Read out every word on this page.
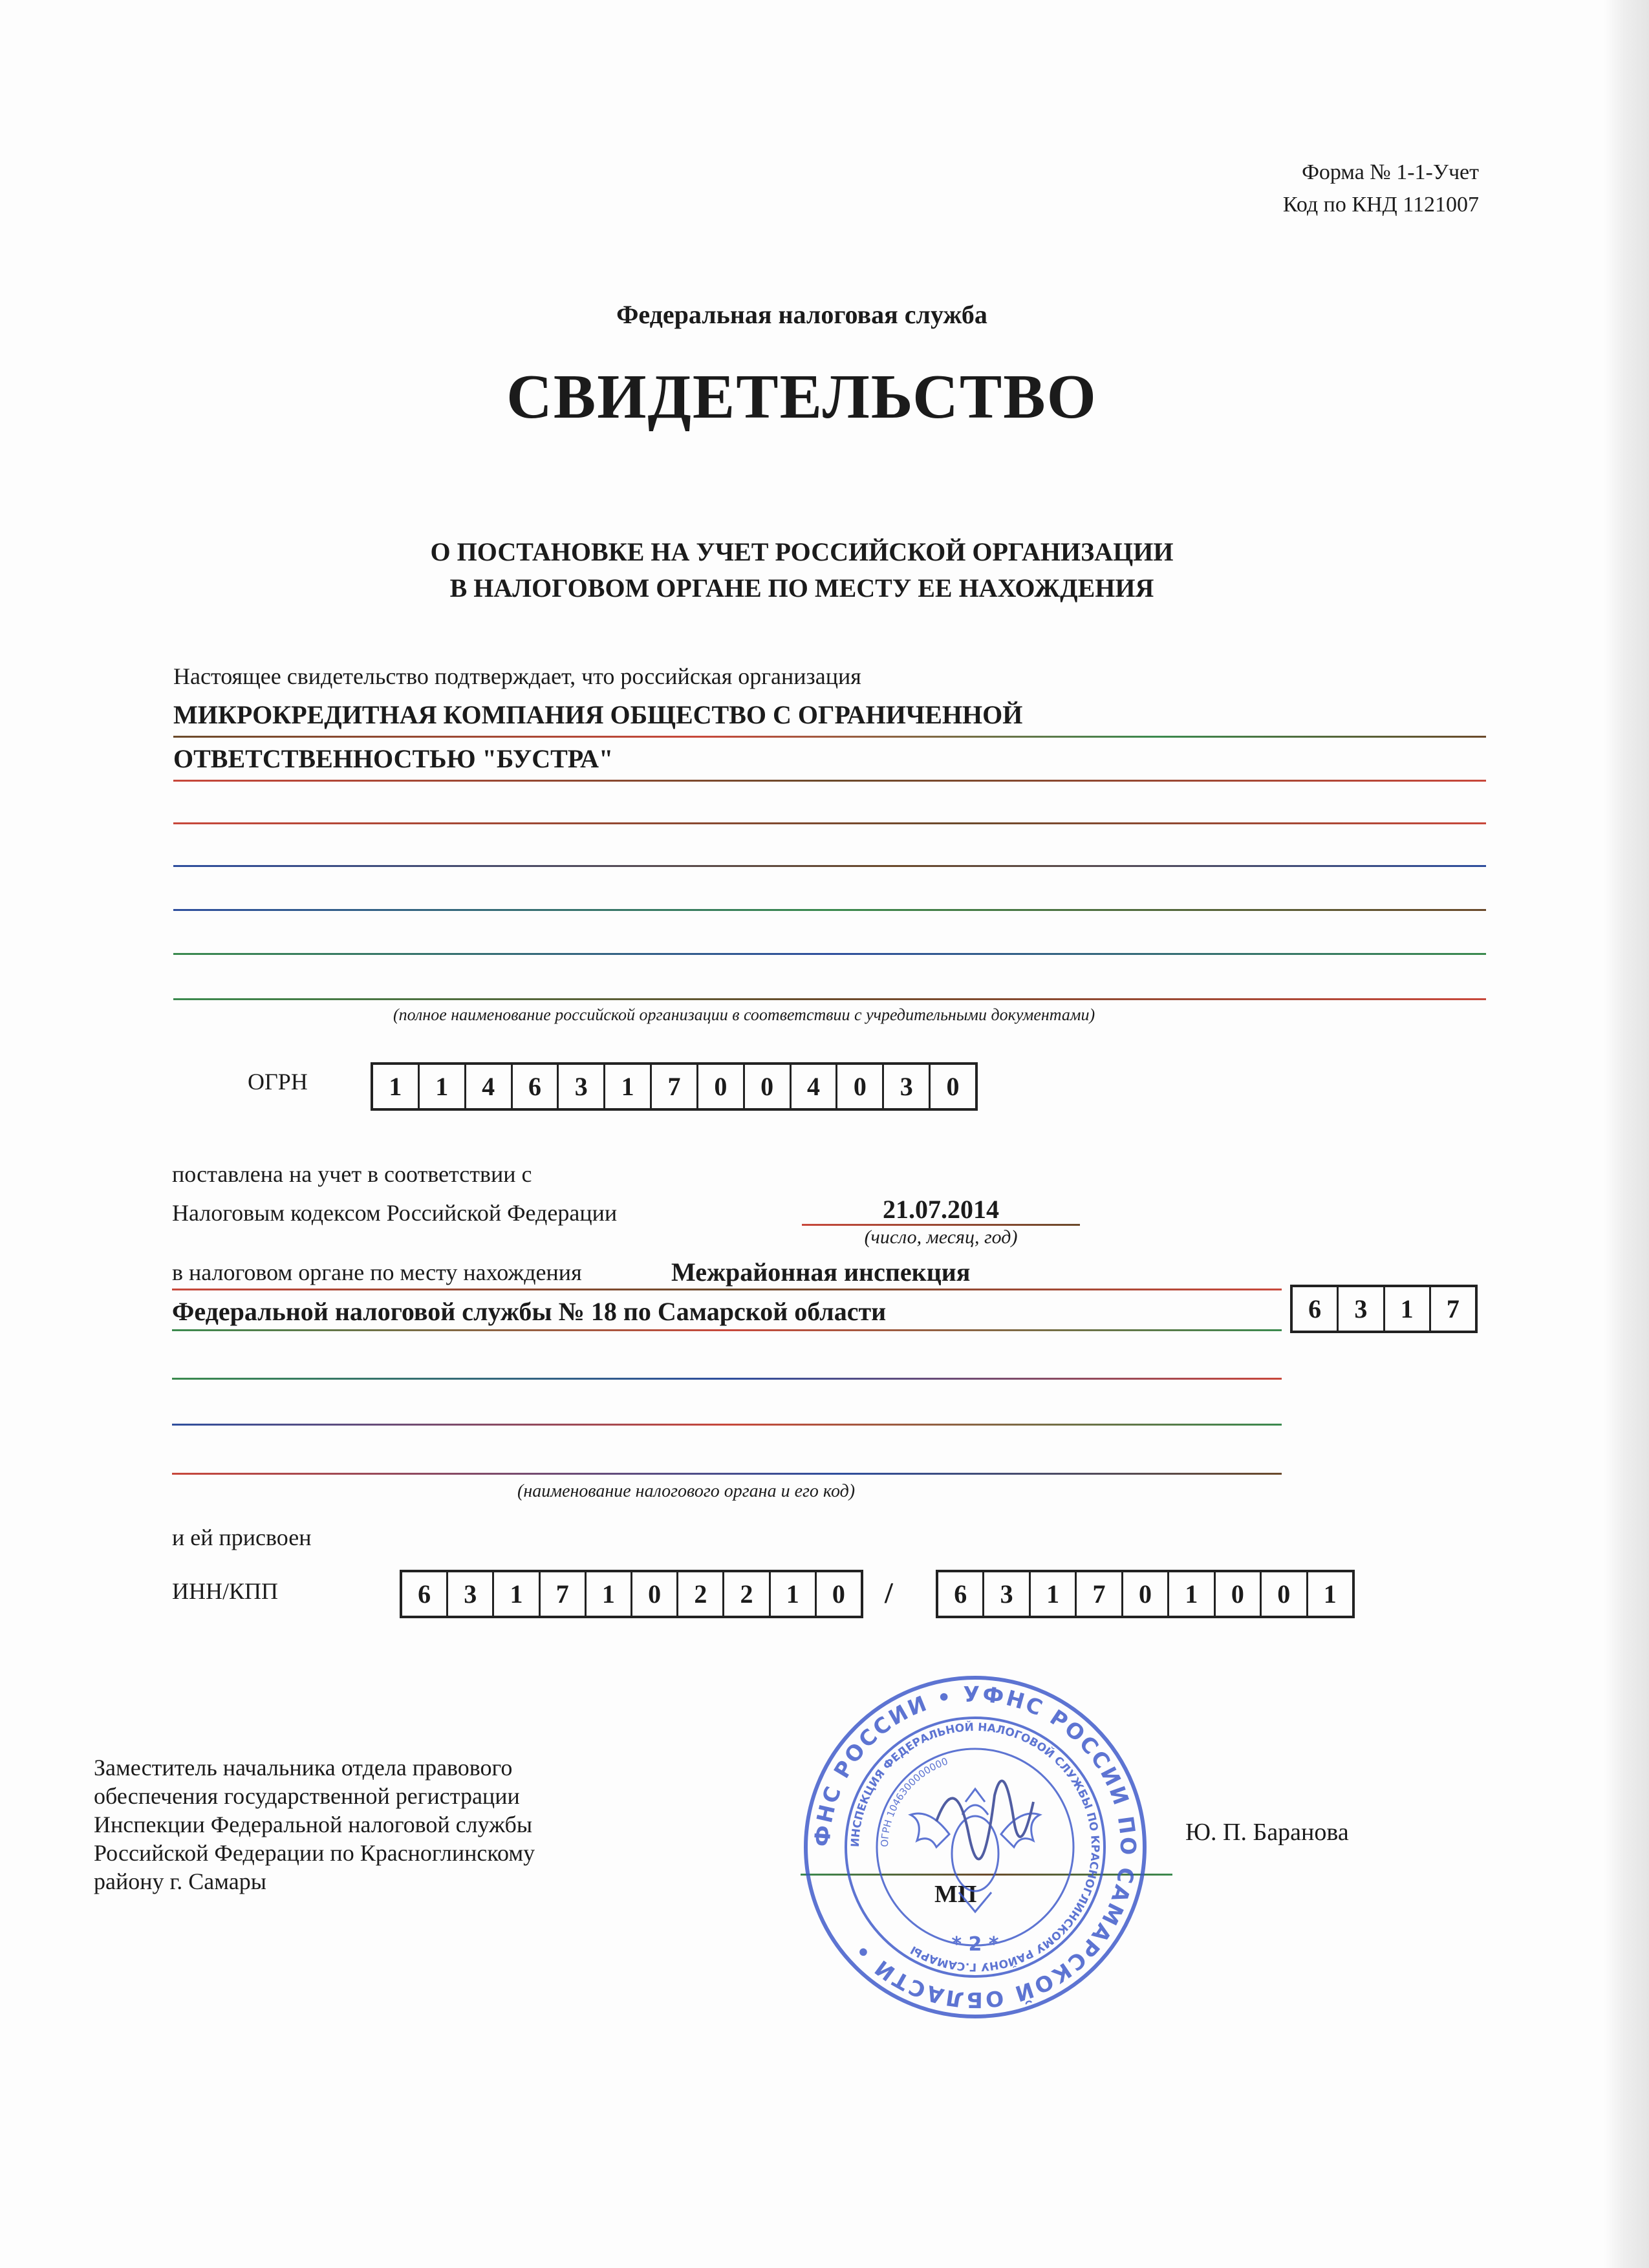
Форма № 1-1-Учет
Код по КНД 1121007
Федеральная налоговая служба
СВИДЕТЕЛЬСТВО
О ПОСТАНОВКЕ НА УЧЕТ РОССИЙСКОЙ ОРГАНИЗАЦИИ
В НАЛОГОВОМ ОРГАНЕ ПО МЕСТУ ЕЕ НАХОЖДЕНИЯ
Настоящее свидетельство подтверждает, что российская организация
МИКРОКРЕДИТНАЯ КОМПАНИЯ ОБЩЕСТВО С ОГРАНИЧЕННОЙ
ОТВЕТСТВЕННОСТЬЮ "БУСТРА"
(полное наименование российской организации в соответствии с учредительными документами)
ОГРН	1	1	4	6	3	1	7	0	0	4	0	3	0
поставлена на учет в соответствии с
Налоговым кодексом Российской Федерации	21.07.2014
(число, месяц, год)
в налоговом органе по месту нахождения	Межрайонная инспекция
Федеральной налоговой службы № 18 по Самарской области	6	3	1	7
(наименование налогового органа и его код)
и ей присвоен
ИНН/КПП	6	3	1	7	1	0	2	2	1	0	/	6	3	1	7	0	1	0	0	1
Заместитель начальника отдела правового
обеспечения государственной регистрации
Инспекции Федеральной налоговой службы
Российской Федерации по Красноглинскому
району г. Самары	МП
Ю. П. Баранова
ФНС РОССИИ • УФНС РОССИИ ПО САМАРСКОЙ ОБЛАСТИ •
ИНСПЕКЦИЯ ФЕДЕРАЛЬНОЙ НАЛОГОВОЙ СЛУЖБЫ ПО КРАСНОГЛИНСКОМУ РАЙОНУ Г.САМАРЫ
ОГРН 1046300000000
* 2 *
